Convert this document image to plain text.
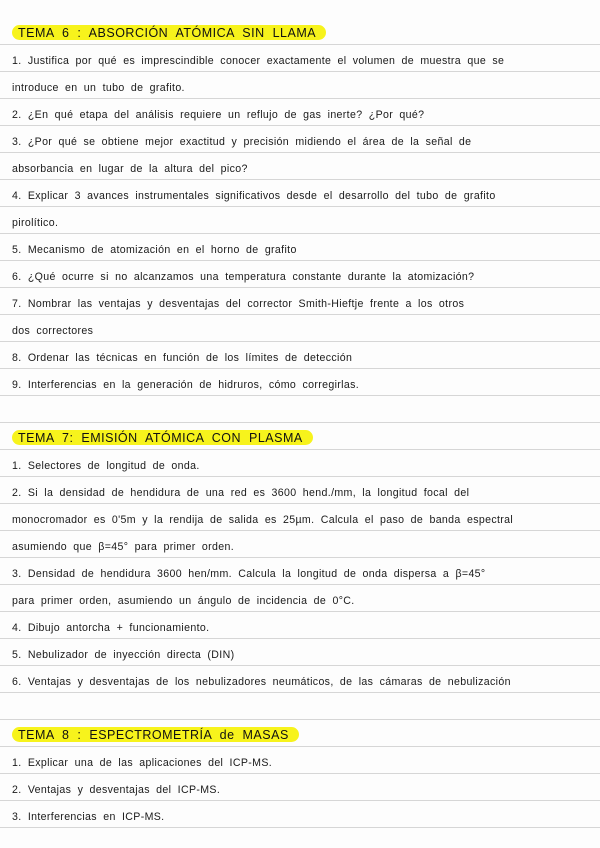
TEMA 6 : ABSORCIÓN ATÓMICA SIN LLAMA
1. Justifica por qué es imprescindible conocer exactamente el volumen de muestra que se
introduce en un tubo de grafito.
2. ¿En qué etapa del análisis requiere un reflujo de gas inerte? ¿Por qué?
3. ¿Por qué se obtiene mejor exactitud y precisión midiendo el área de la señal de
absorbancia en lugar de la altura del pico?
4. Explicar 3 avances instrumentales significativos desde el desarrollo del tubo de grafito
pirolítico.
5. Mecanismo de atomización en el horno de grafito
6. ¿Qué ocurre si no alcanzamos una temperatura constante durante la atomización?
7. Nombrar las ventajas y desventajas del corrector Smith-Hieftje frente a los otros
dos correctores
8. Ordenar las técnicas en función de los límites de detección
9. Interferencias en la generación de hidruros, cómo corregirlas.
TEMA 7: EMISIÓN ATÓMICA CON PLASMA
1. Selectores de longitud de onda.
2. Si la densidad de hendidura de una red es 3600 hend./mm, la longitud focal del
monocromador es 0'5m y la rendija de salida es 25µm. Calcula el paso de banda espectral
asumiendo que β=45° para primer orden.
3. Densidad de hendidura 3600 hen/mm. Calcula la longitud de onda dispersa a β=45°
para primer orden, asumiendo un ángulo de incidencia de 0°C.
4. Dibujo antorcha + funcionamiento.
5. Nebulizador de inyección directa (DIN)
6. Ventajas y desventajas de los nebulizadores neumáticos, de las cámaras de nebulización
TEMA 8 : ESPECTROMETRÍA de MASAS
1. Explicar una de las aplicaciones del ICP-MS.
2. Ventajas y desventajas del ICP-MS.
3. Interferencias en ICP-MS.
